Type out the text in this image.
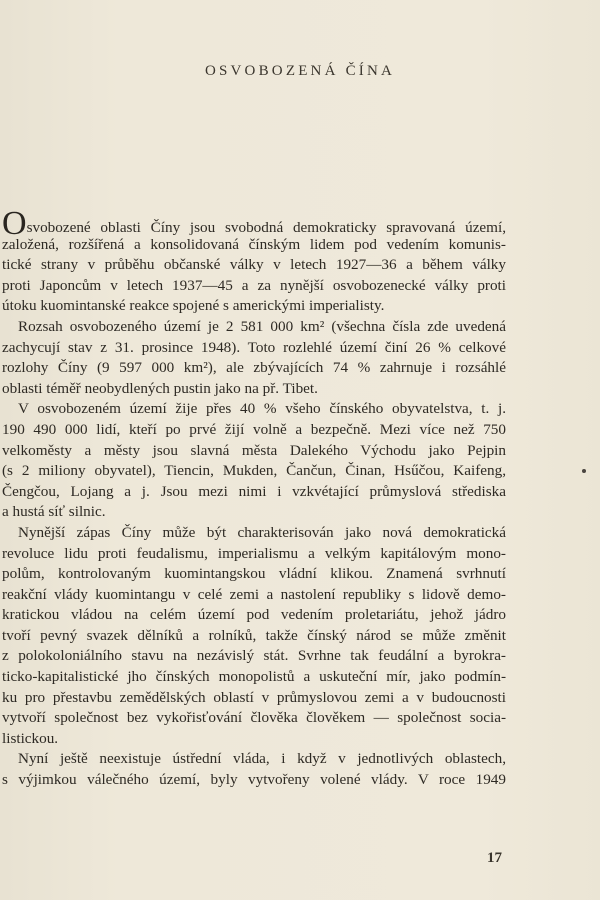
OSVOBOZENÁ ČÍNA
Osvobozené oblasti Číny jsou svobodná demokraticky spravovaná území,
založená, rozšířená a konsolidovaná čínským lidem pod vedením komunis-
tické strany v průběhu občanské války v letech 1927—36 a během války
proti Japoncům v letech 1937—45 a za nynější osvobozenecké války proti
útoku kuomintanské reakce spojené s americkými imperialisty.
Rozsah osvobozeného území je 2 581 000 km² (všechna čísla zde uvedená
zachycují stav z 31. prosince 1948). Toto rozlehlé území činí 26 % celkové
rozlohy Číny (9 597 000 km²), ale zbývajících 74 % zahrnuje i rozsáhlé
oblasti téměř neobydlených pustin jako na př. Tibet.
V osvobozeném území žije přes 40 % všeho čínského obyvatelstva, t. j.
190 490 000 lidí, kteří po prvé žijí volně a bezpečně. Mezi více než 750
velkoměsty a městy jsou slavná města Dalekého Východu jako Pejpin
(s 2 miliony obyvatel), Tiencin, Mukden, Čančun, Činan, Hsűčou, Kaifeng,
Čengčou, Lojang a j. Jsou mezi nimi i vzkvétající průmyslová střediska
a hustá síť silnic.
Nynější zápas Číny může být charakterisován jako nová demokratická
revoluce lidu proti feudalismu, imperialismu a velkým kapitálovým mono-
polům, kontrolovaným kuomintangskou vládní klikou. Znamená svrhnutí
reakční vlády kuomintangu v celé zemi a nastolení republiky s lidově demo-
kratickou vládou na celém území pod vedením proletariátu, jehož jádro
tvoří pevný svazek dělníků a rolníků, takže čínský národ se může změnit
z polokoloniálního stavu na nezávislý stát. Svrhne tak feudální a byrokra-
ticko-kapitalistické jho čínských monopolistů a uskuteční mír, jako podmín-
ku pro přestavbu zemědělských oblastí v průmyslovou zemi a v budoucnosti
vytvoří společnost bez vykořisťování člověka člověkem — společnost socia-
listickou.
Nyní ještě neexistuje ústřední vláda, i když v jednotlivých oblastech,
s výjimkou válečného území, byly vytvořeny volené vlády. V roce 1949
17
